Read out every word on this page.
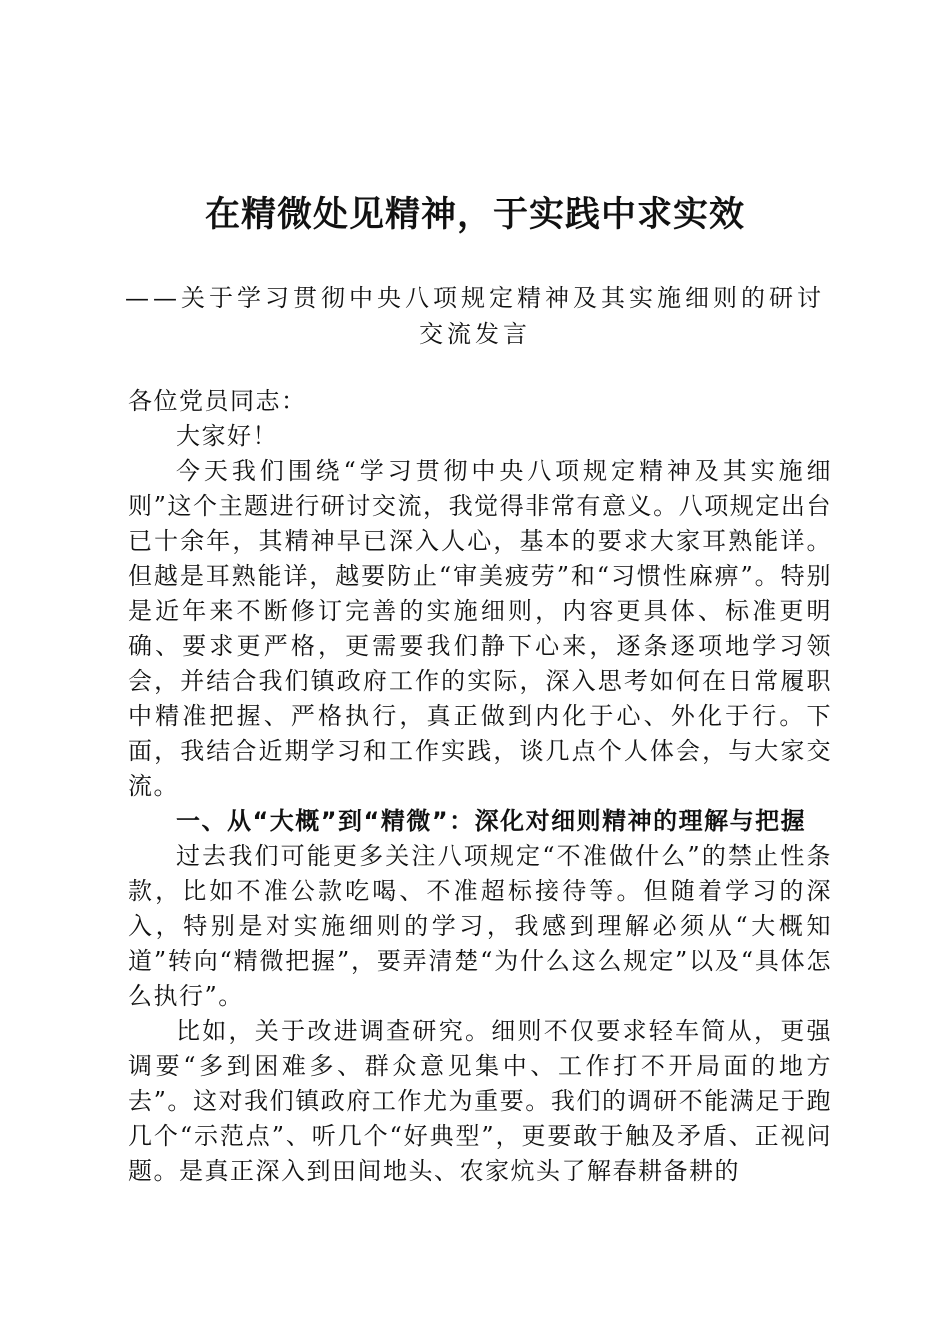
在精微处见精神，于实践中求实效
——关于学习贯彻中央八项规定精神及其实施细则的研讨交流发言

各位党员同志：

大家好！

今天我们围绕“学习贯彻中央八项规定精神及其实施细则”这个主题进行研讨交流，我觉得非常有意义。八项规定出台已十余年，其精神早已深入人心，基本的要求大家耳熟能详。但越是耳熟能详，越要防止“审美疲劳”和“习惯性麻痹”。特别是近年来不断修订完善的实施细则，内容更具体、标准更明确、要求更严格，更需要我们静下心来，逐条逐项地学习领会，并结合我们镇政府工作的实际，深入思考如何在日常履职中精准把握、严格执行，真正做到内化于心、外化于行。下面，我结合近期学习和工作实践，谈几点个人体会，与大家交流。

一、从“大概”到“精微”：深化对细则精神的理解与把握

过去我们可能更多关注八项规定“不准做什么”的禁止性条款，比如不准公款吃喝、不准超标接待等。但随着学习的深入，特别是对实施细则的学习，我感到理解必须从“大概知道”转向“精微把握”，要弄清楚“为什么这么规定”以及“具体怎么执行”。

比如，关于改进调查研究。细则不仅要求轻车简从，更强调要“多到困难多、群众意见集中、工作打不开局面的地方去”。这对我们镇政府工作尤为重要。我们的调研不能满足于跑几个“示范点”、听几个“好典型”，更要敢于触及矛盾、正视问题。是真正深入到田间地头、农家炕头了解春耕备耕的
